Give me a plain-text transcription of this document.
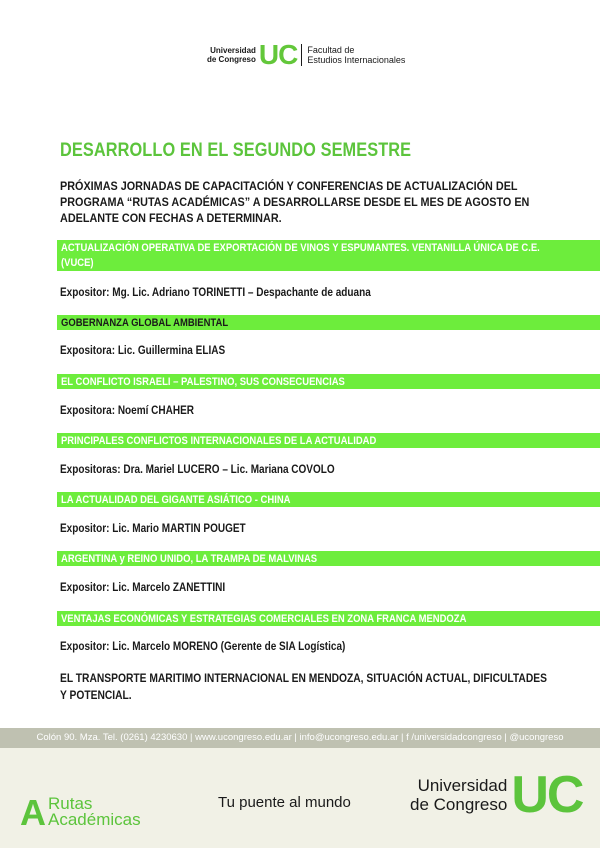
Universidad
de Congreso UC Facultad de
Estudios Internacionales
DESARROLLO EN EL SEGUNDO SEMESTRE
PRÓXIMAS JORNADAS DE CAPACITACIÓN Y CONFERENCIAS DE ACTUALIZACIÓN DEL PROGRAMA “RUTAS ACADÉMICAS” A DESARROLLARSE DESDE EL MES DE AGOSTO EN ADELANTE CON FECHAS A DETERMINAR.
ACTUALIZACIÓN OPERATIVA DE EXPORTACIÓN DE VINOS Y ESPUMANTES. VENTANILLA ÚNICA DE C.E. (VUCE)
Expositor: Mg. Lic. Adriano TORINETTI – Despachante de aduana
GOBERNANZA GLOBAL AMBIENTAL
Expositora: Lic. Guillermina ELIAS
EL CONFLICTO ISRAELI – PALESTINO, SUS CONSECUENCIAS
Expositora: Noemí CHAHER
PRINCIPALES CONFLICTOS INTERNACIONALES DE LA ACTUALIDAD
Expositoras: Dra. Mariel LUCERO – Lic. Mariana COVOLO
LA ACTUALIDAD DEL GIGANTE ASIÁTICO - CHINA
Expositor: Lic. Mario MARTIN POUGET
ARGENTINA y REINO UNIDO, LA TRAMPA DE MALVINAS
Expositor: Lic. Marcelo ZANETTINI
VENTAJAS ECONÓMICAS Y ESTRATEGIAS COMERCIALES EN ZONA FRANCA MENDOZA
Expositor: Lic. Marcelo MORENO (Gerente de SIA Logística)
EL TRANSPORTE MARITIMO INTERNACIONAL EN MENDOZA, SITUACIÓN ACTUAL, DIFICULTADES Y POTENCIAL.
Colón 90. Mza. Tel. (0261) 4230630 | www.ucongreso.edu.ar | info@ucongreso.edu.ar | f /universidadcongreso | @ucongreso
A Rutas
Académicas
Tu puente al mundo
Universidad
de Congreso UC
